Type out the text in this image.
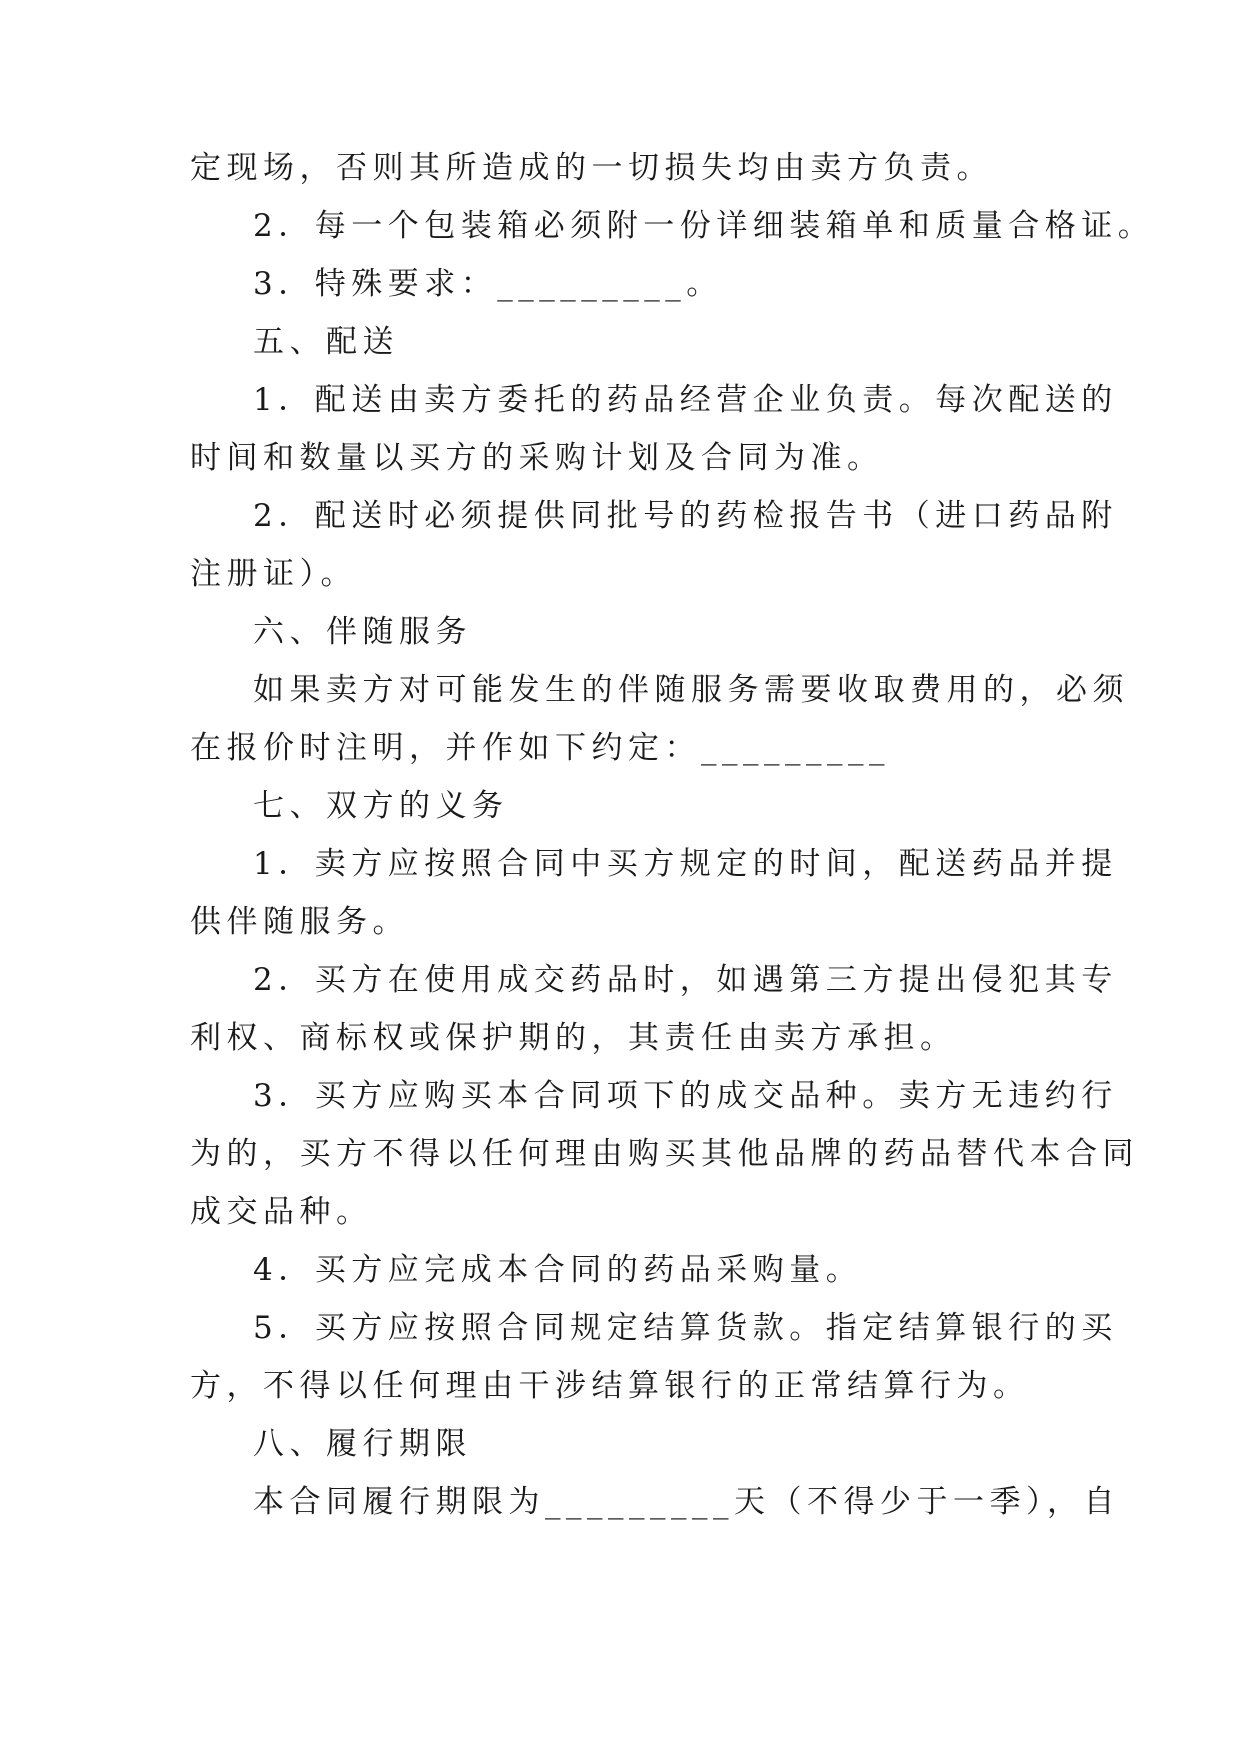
定现场，否则其所造成的一切损失均由卖方负责。

2．每一个包装箱必须附一份详细装箱单和质量合格证。

3．特殊要求：_________。

五、配送

1．配送由卖方委托的药品经营企业负责。每次配送的

时间和数量以买方的采购计划及合同为准。

2．配送时必须提供同批号的药检报告书（进口药品附

注册证）。

六、伴随服务

如果卖方对可能发生的伴随服务需要收取费用的，必须

在报价时注明，并作如下约定：_________

七、双方的义务

1．卖方应按照合同中买方规定的时间，配送药品并提

供伴随服务。

2．买方在使用成交药品时，如遇第三方提出侵犯其专

利权、商标权或保护期的，其责任由卖方承担。

3．买方应购买本合同项下的成交品种。卖方无违约行

为的，买方不得以任何理由购买其他品牌的药品替代本合同

成交品种。

4．买方应完成本合同的药品采购量。

5．买方应按照合同规定结算货款。指定结算银行的买

方，不得以任何理由干涉结算银行的正常结算行为。

八、履行期限

本合同履行期限为_________天（不得少于一季），自
